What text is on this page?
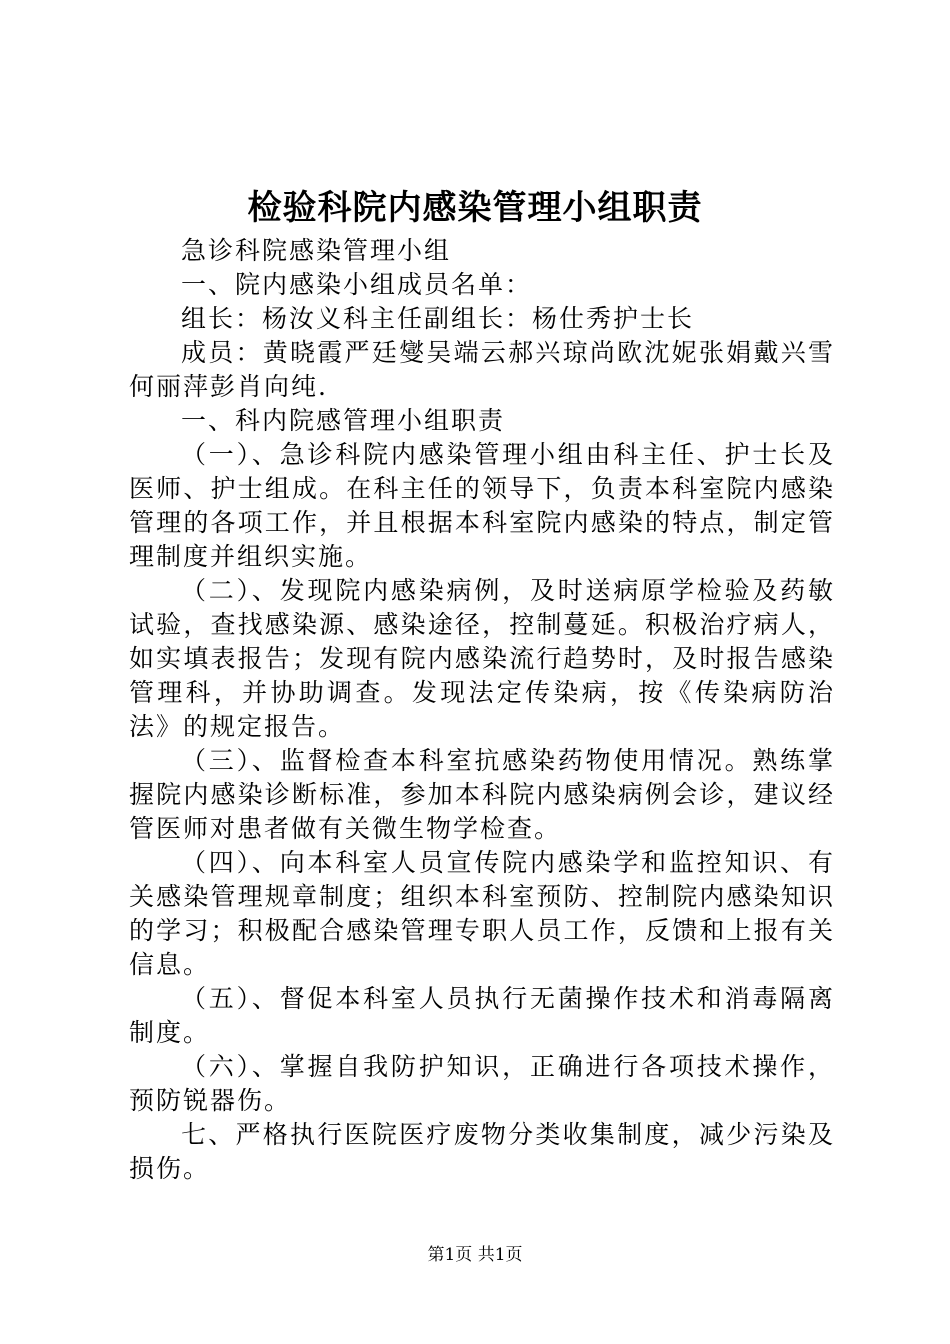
检验科院内感染管理小组职责

急诊科院感染管理小组

一、院内感染小组成员名单：

组长：杨汝义科主任副组长：杨仕秀护士长

成员：黄晓霞严廷燮吴端云郝兴琼尚欧沈妮张娟戴兴雪何丽萍彭肖向纯.

一、科内院感管理小组职责

（一）、急诊科院内感染管理小组由科主任、护士长及医师、护士组成。在科主任的领导下，负责本科室院内感染管理的各项工作，并且根据本科室院内感染的特点，制定管理制度并组织实施。

（二）、发现院内感染病例，及时送病原学检验及药敏试验，查找感染源、感染途径，控制蔓延。积极治疗病人，如实填表报告；发现有院内感染流行趋势时，及时报告感染管理科，并协助调查。发现法定传染病，按《传染病防治法》的规定报告。

（三）、监督检查本科室抗感染药物使用情况。熟练掌握院内感染诊断标准，参加本科院内感染病例会诊，建议经管医师对患者做有关微生物学检查。

（四）、向本科室人员宣传院内感染学和监控知识、有关感染管理规章制度；组织本科室预防、控制院内感染知识的学习；积极配合感染管理专职人员工作，反馈和上报有关信息。

（五）、督促本科室人员执行无菌操作技术和消毒隔离制度。

（六）、掌握自我防护知识，正确进行各项技术操作，预防锐器伤。

七、严格执行医院医疗废物分类收集制度，减少污染及损伤。

第1页 共1页
